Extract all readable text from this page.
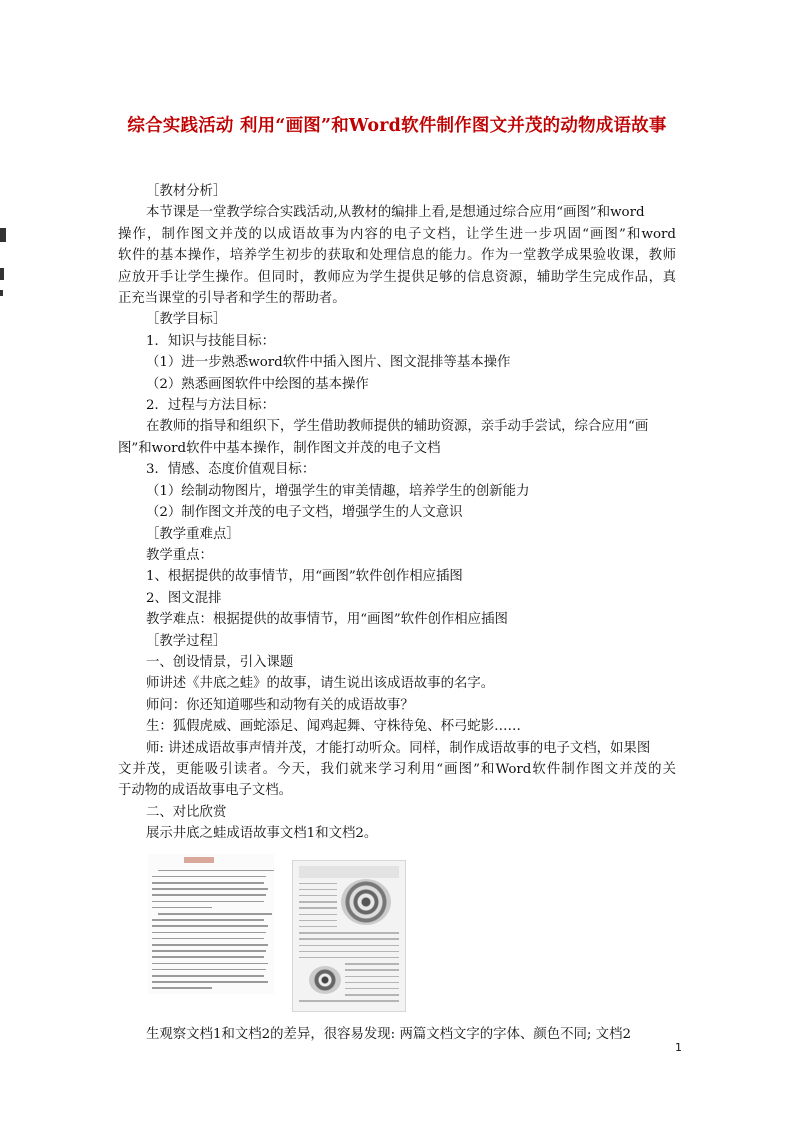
综合实践活动 利用“画图”和Word软件制作图文并茂的动物成语故事
［教材分析］
本节课是一堂教学综合实践活动,从教材的编排上看,是想通过综合应用“画图”和word
操作，制作图文并茂的以成语故事为内容的电子文档，让学生进一步巩固“画图”和word
软件的基本操作，培养学生初步的获取和处理信息的能力。作为一堂教学成果验收课，教师
应放开手让学生操作。但同时，教师应为学生提供足够的信息资源，辅助学生完成作品，真
正充当课堂的引导者和学生的帮助者。
［教学目标］
1．知识与技能目标：
（1）进一步熟悉word软件中插入图片、图文混排等基本操作
（2）熟悉画图软件中绘图的基本操作
2．过程与方法目标：
在教师的指导和组织下，学生借助教师提供的辅助资源，亲手动手尝试，综合应用“画
图”和word软件中基本操作，制作图文并茂的电子文档
3．情感、态度价值观目标：
（1）绘制动物图片，增强学生的审美情趣，培养学生的创新能力
（2）制作图文并茂的电子文档，增强学生的人文意识
［教学重难点］
教学重点：
1、根据提供的故事情节，用“画图”软件创作相应插图
2、图文混排
教学难点：根据提供的故事情节，用“画图”软件创作相应插图
［教学过程］
一、创设情景，引入课题
师讲述《井底之蛙》的故事，请生说出该成语故事的名字。
师问：你还知道哪些和动物有关的成语故事？
生：狐假虎威、画蛇添足、闻鸡起舞、守株待兔、杯弓蛇影……
师: 讲述成语故事声情并茂，才能打动听众。同样，制作成语故事的电子文档，如果图
文并茂，更能吸引读者。今天，我们就来学习利用“画图”和Word软件制作图文并茂的关
于动物的成语故事电子文档。
二、对比欣赏
展示井底之蛙成语故事文档1和文档2。
生观察文档1和文档2的差异，很容易发现: 两篇文档文字的字体、颜色不同; 文档2
1
